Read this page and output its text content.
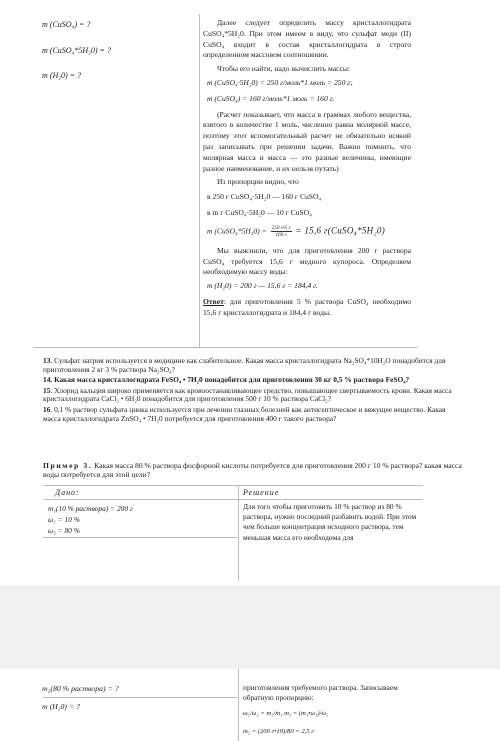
m (CuSO₄) = ?
m (CuSO₄*5H₂0) = ?
m (H₂0) = ?

Далее следует определить массу кристаллогидрата CuSO₄*5H₂0. При этом имеем в виду, что сульфат меди (II) CuSO₄ входит в состав кристаллогидрата в строго определенном массовом соотношении.

Чтобы его найти, надо вычислить массы:

m (CuSO₄·5H₂0) = 250 г/моль*1 моль = 250 г;
m (CuSO₄) = 160 г/моль*1 моль = 160 г.

(Расчет показывает, что масса в граммах любого вещества, взятого в количестве 1 моль, численно равна молярной массе, поэтому этот вспомогательный расчет не обязательно всякий раз записывать при решении задачи. Важно помнить, что молярная масса и масса — это разные величины, имеющие разное наименование, и их нельзя путать)

Из пропорции видно, что

в 250 г CuSO₄·5H₂0 — 160 г CuSO₄
в m г CuSO₄·5H₂0 — 10 г CuSO₄
m (CuSO₄*5H₂0) = $\frac{250 г•5 г}{160 г} = 15,6$ г(CuSO₄*5H₂0)

Мы выяснили, что для приготовления 200 г раствора CuSO₄ требуется 15,6 г медного купороса. Определяем необходимую массу воды:

m (H₂0) = 200 г — 15,6 г = 184,4 г.

Ответ: для приготовления 5 % раствора CuSO₄ необходимо 15,6 г кристаллогидрата и 184,4 г воды.

13. Сульфат натрия используется в медицине как слабительное. Какая масса кристаллогидрата Na₂SO₄*10H₂O понадобится для приготовления 2 кг 3 % раствора Na₂SO₄?

14. Какая масса кристаллогидрата FeSO₄ • 7H₂0 понадобится для приготовления 30 кг 0,5 % раствора FeSO₄?

15. Хлорид кальция широко применяется как кровоостанавливающее средство, повышающее свертываемость крови. Какая масса кристаллогидрата CaCl₂ • 6H₂0 понадобится для приготовления 500 г 10 % раствора CaCl₂?

16. 0,1 % раствор сульфата цинка используется при лечении глазных болезней как антисептическое и вяжущее вещество. Какая масса кристаллогидрата ZnSO₄ • 7H₂0 потребуется для приготовления 400 г такого раствора?

Пример 3. Какая масса 80 % раствора фосфорной кислоты потребуется для приготовления 200 г 10 % раствора? какая масса воды потребуется для этой цели?
Дано:	Решение
m₁(10 % раствора) = 200 г
ω₁ = 10 %
ω₂ = 80 %
Для того чтобы приготовить 10 % раствор из 80 % раствора, нужно последний разбавить водой. При этом чем больше концентрация исходного раствора, тем меньшая масса его необходима для
m₂(80 % раствора) = ?
m (H₂0) = ?
приготовления требуемого раствора. Записываем обратную пропорцию:
ω₁/ω₂ = m₂/m₁ m₂ = (m₁•ω₁)/ω₂
m₂ = (200 г•10)/80 = 2,5 г
